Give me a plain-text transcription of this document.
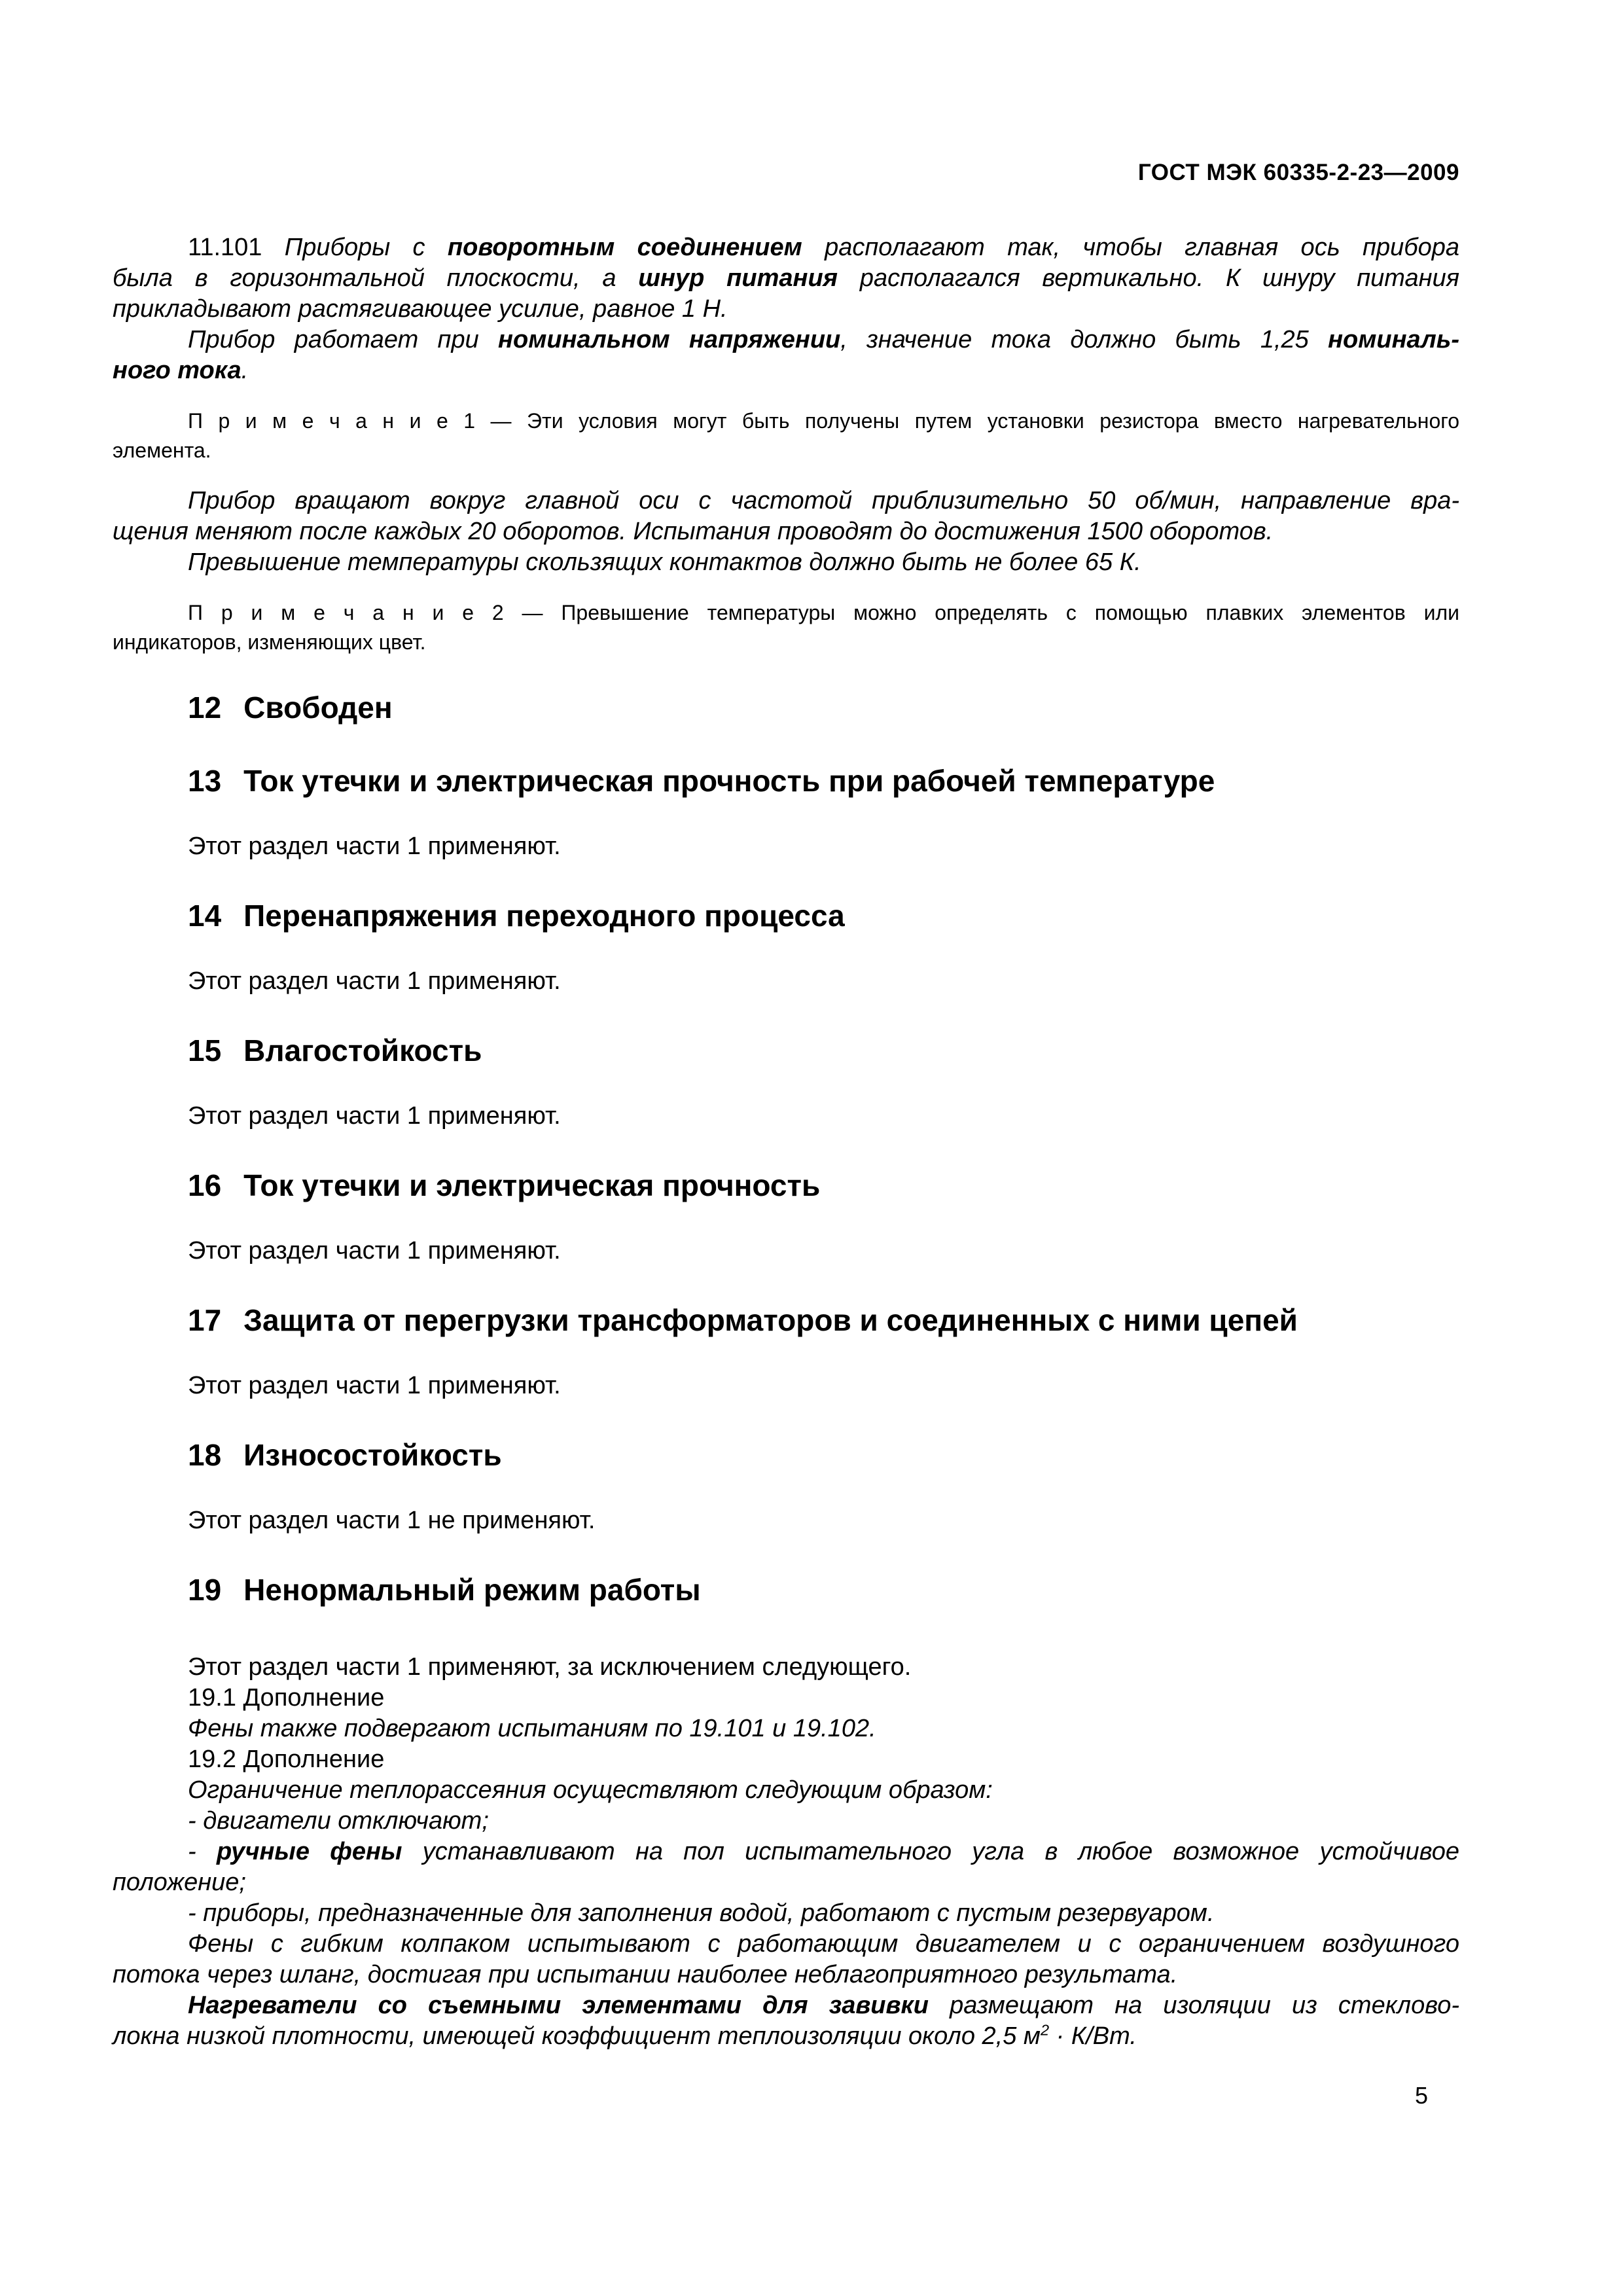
ГОСТ МЭК 60335-2-23—2009
11.101 Приборы с поворотным соединением располагают так, чтобы главная ось прибора
была в горизонтальной плоскости, а шнур питания располагался вертикально. К шнуру питания
прикладывают растягивающее усилие, равное 1 Н.
Прибор работает при номинальном напряжении, значение тока должно быть 1,25 номиналь-
ного тока.
П р и м е ч а н и е 1 — Эти условия могут быть получены путем установки резистора вместо нагревательного
элемента.
Прибор вращают вокруг главной оси с частотой приблизительно 50 об/мин, направление вра-
щения меняют после каждых 20 оборотов. Испытания проводят до достижения 1500 оборотов.
Превышение температуры скользящих контактов должно быть не более 65 К.
П р и м е ч а н и е 2 — Превышение температуры можно определять с помощью плавких элементов или
индикаторов, изменяющих цвет.
12 Свободен
13 Ток утечки и электрическая прочность при рабочей температуре
Этот раздел части 1 применяют.
14 Перенапряжения переходного процесса
Этот раздел части 1 применяют.
15 Влагостойкость
Этот раздел части 1 применяют.
16 Ток утечки и электрическая прочность
Этот раздел части 1 применяют.
17 Защита от перегрузки трансформаторов и соединенных с ними цепей
Этот раздел части 1 применяют.
18 Износостойкость
Этот раздел части 1 не применяют.
19 Ненормальный режим работы
Этот раздел части 1 применяют, за исключением следующего.
19.1 Дополнение
Фены также подвергают испытаниям по 19.101 и 19.102.
19.2 Дополнение
Ограничение теплорассеяния осуществляют следующим образом:
- двигатели отключают;
- ручные фены устанавливают на пол испытательного угла в любое возможное устойчивое
положение;
- приборы, предназначенные для заполнения водой, работают с пустым резервуаром.
Фены с гибким колпаком испытывают с работающим двигателем и с ограничением воздушного
потока через шланг, достигая при испытании наиболее неблагоприятного результата.
Нагреватели со съемными элементами для завивки размещают на изоляции из стеклово-
локна низкой плотности, имеющей коэффициент теплоизоляции около 2,5 $м^2 \cdot К/Вт$.
5
